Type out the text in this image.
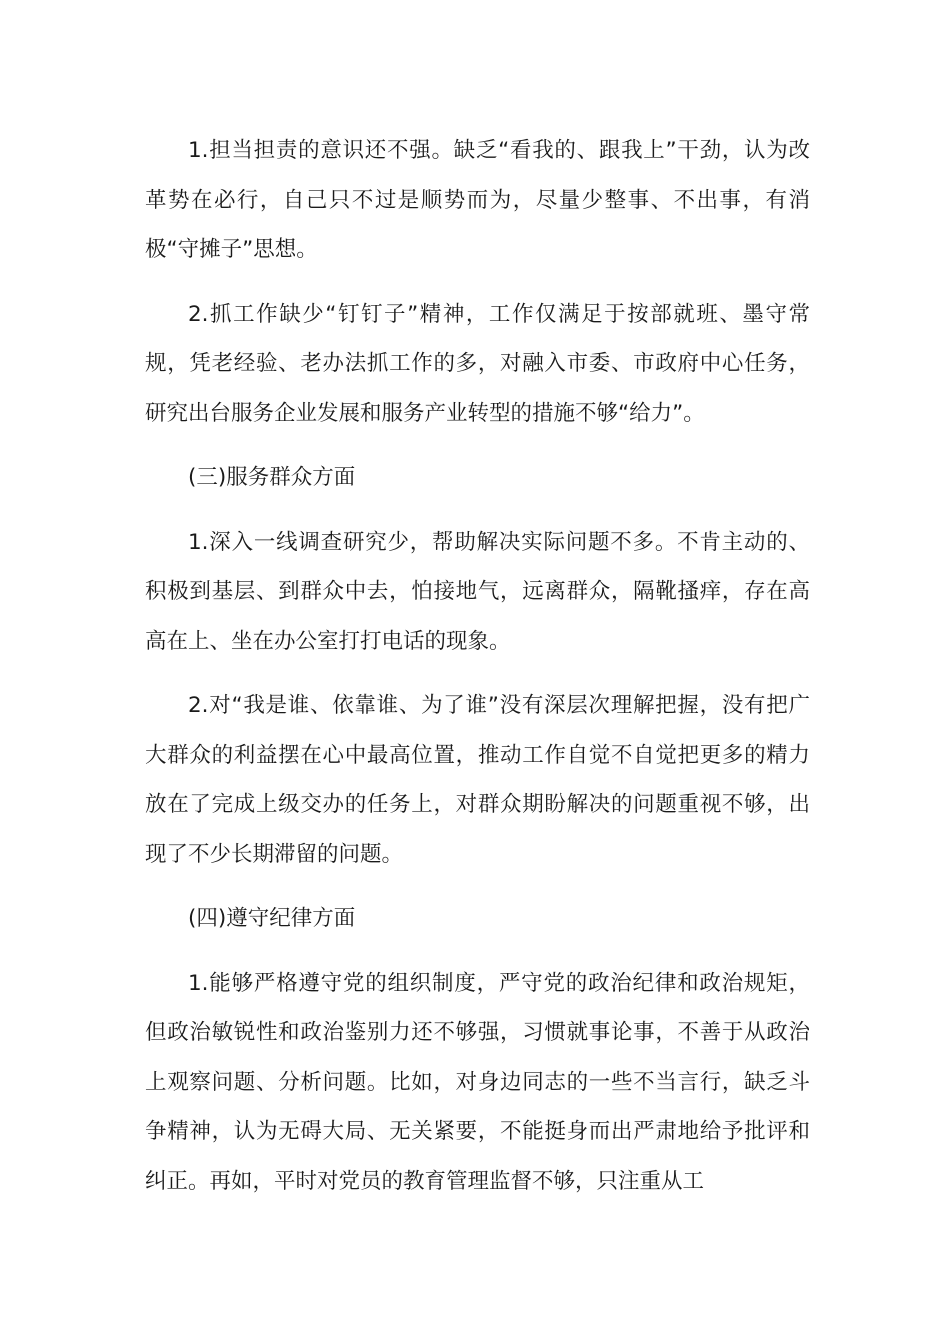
1.担当担责的意识还不强。缺乏“看我的、跟我上”干劲，认为改革势在必行，自己只不过是顺势而为，尽量少整事、不出事，有消极“守摊子”思想。

2.抓工作缺少“钉钉子”精神，工作仅满足于按部就班、墨守常规，凭老经验、老办法抓工作的多，对融入市委、市政府中心任务，研究出台服务企业发展和服务产业转型的措施不够“给力”。

(三)服务群众方面

1.深入一线调查研究少，帮助解决实际问题不多。不肯主动的、积极到基层、到群众中去，怕接地气，远离群众，隔靴搔痒，存在高高在上、坐在办公室打打电话的现象。

2.对“我是谁、依靠谁、为了谁”没有深层次理解把握，没有把广大群众的利益摆在心中最高位置，推动工作自觉不自觉把更多的精力放在了完成上级交办的任务上，对群众期盼解决的问题重视不够，出现了不少长期滞留的问题。

(四)遵守纪律方面

1.能够严格遵守党的组织制度，严守党的政治纪律和政治规矩，但政治敏锐性和政治鉴别力还不够强，习惯就事论事，不善于从政治上观察问题、分析问题。比如，对身边同志的一些不当言行，缺乏斗争精神，认为无碍大局、无关紧要，不能挺身而出严肃地给予批评和纠正。再如，平时对党员的教育管理监督不够，只注重从工
